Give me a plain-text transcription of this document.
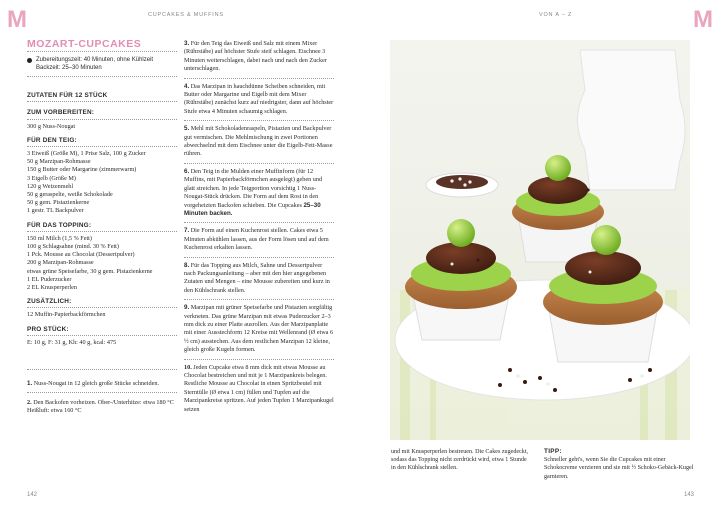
M	M
CUPCAKES & MUFFINS	VON A – Z
MOZART-CUPCAKES
Zubereitungszeit: 40 Minuten, ohne Kühlzeit
Backzeit: 25–30 Minuten
ZUTATEN FÜR 12 STÜCK
ZUM VORBEREITEN:
300 g Nuss-Nougat
FÜR DEN TEIG:
3 Eiweiß (Größe M), 1 Prise Salz, 100 g Zucker
50 g Marzipan-Rohmasse
150 g Butter oder Margarine (zimmerwarm)
3 Eigelb (Größe M)
120 g Weizenmehl
50 g geraspelte, weiße Schokolade
50 g gem. Pistazienkerne
1 gestr. TL Backpulver
FÜR DAS TOPPING:
150 ml Milch (1,5 % Fett)
100 g Schlagsahne (mind. 30 % Fett)
1 Pck. Mousse au Chocolat (Dessertpulver)
200 g Marzipan-Rohmasse
etwas grüne Speisefarbe, 30 g gem. Pistazienkerne
1 EL Puderzucker
2 EL Knusperperlen
ZUSÄTZLICH:
12 Muffin-Papierbackförmchen
PRO STÜCK:
E: 10 g, F: 31 g, Kh: 40 g, kcal: 475
1. Nuss-Nougat in 12 gleich große Stücke schneiden.
2. Den Backofen vorheizen. Ober-/Unterhitze: etwa 180 °C Heißluft: etwa 160 °C
3. Für den Teig das Eiweiß und Salz mit einem Mixer (Rührstäbe) auf höchster Stufe steif schlagen. Eischnee 3 Minuten weiterschlagen, dabei nach und nach den Zucker unterschlagen.
4. Das Marzipan in hauchdünne Scheiben schneiden, mit Butter oder Margarine und Eigelb mit dem Mixer (Rührstäbe) zunächst kurz auf niedrigster, dann auf höchster Stufe etwa 4 Minuten schaumig schlagen.
5. Mehl mit Schokoladenraspeln, Pistazien und Backpulver gut vermischen. Die Mehlmischung in zwei Portionen abwechselnd mit dem Eischnee unter die Eigelb-Fett-Masse rühren.
6. Den Teig in die Mulden einer Muffinform (für 12 Muffins, mit Papierbackförmchen ausgelegt) geben und glatt streichen. In jede Teigportion vorsichtig 1 Nuss-Nougat-Stück drücken. Die Form auf dem Rost in den vorgeheizten Backofen schieben. Die Cupcakes 25–30 Minuten backen.
7. Die Form auf einen Kuchenrost stellen. Cakes etwa 5 Minuten abkühlen lassen, aus der Form lösen und auf dem Kuchenrost erkalten lassen.
8. Für das Topping aus Milch, Sahne und Dessertpulver nach Packungsanleitung – aber mit den hier angegebenen Zutaten und Mengen – eine Mousse zubereiten und kurz in den Kühlschrank stellen.
9. Marzipan mit grüner Speisefarbe und Pistazien sorgfältig verkneten. Das grüne Marzipan mit etwas Puderzucker 2–3 mm dick zu einer Platte ausrollen. Aus der Marzipanplatte mit einer Ausstechform 12 Kreise mit Wellenrand (Ø etwa 6 ½ cm) ausstechen. Aus dem restlichen Marzipan 12 kleine, gleich große Kugeln formen.
10. Jeden Cupcake etwa 8 mm dick mit etwas Mousse au Chocolat bestreichen und mit je 1 Marzipankreis belegen. Restliche Mousse au Chocolat in einen Spritzbeutel mit Sterntülle (Ø etwa 1 cm) füllen und Tupfen auf die Marzipankreise spritzen. Auf jeden Tupfen 1 Marzipankugel setzen
und mit Knusperperlen bestreuen. Die Cakes zugedeckt, sodass das Topping nicht zerdrückt wird, etwa 1 Stunde in den Kühlschrank stellen.
TIPP:
Schneller geht's, wenn Sie die Cupcakes mit einer Schokocreme verzieren und sie mit ½ Schoko-Gebäck-Kugel garnieren.
142	143
